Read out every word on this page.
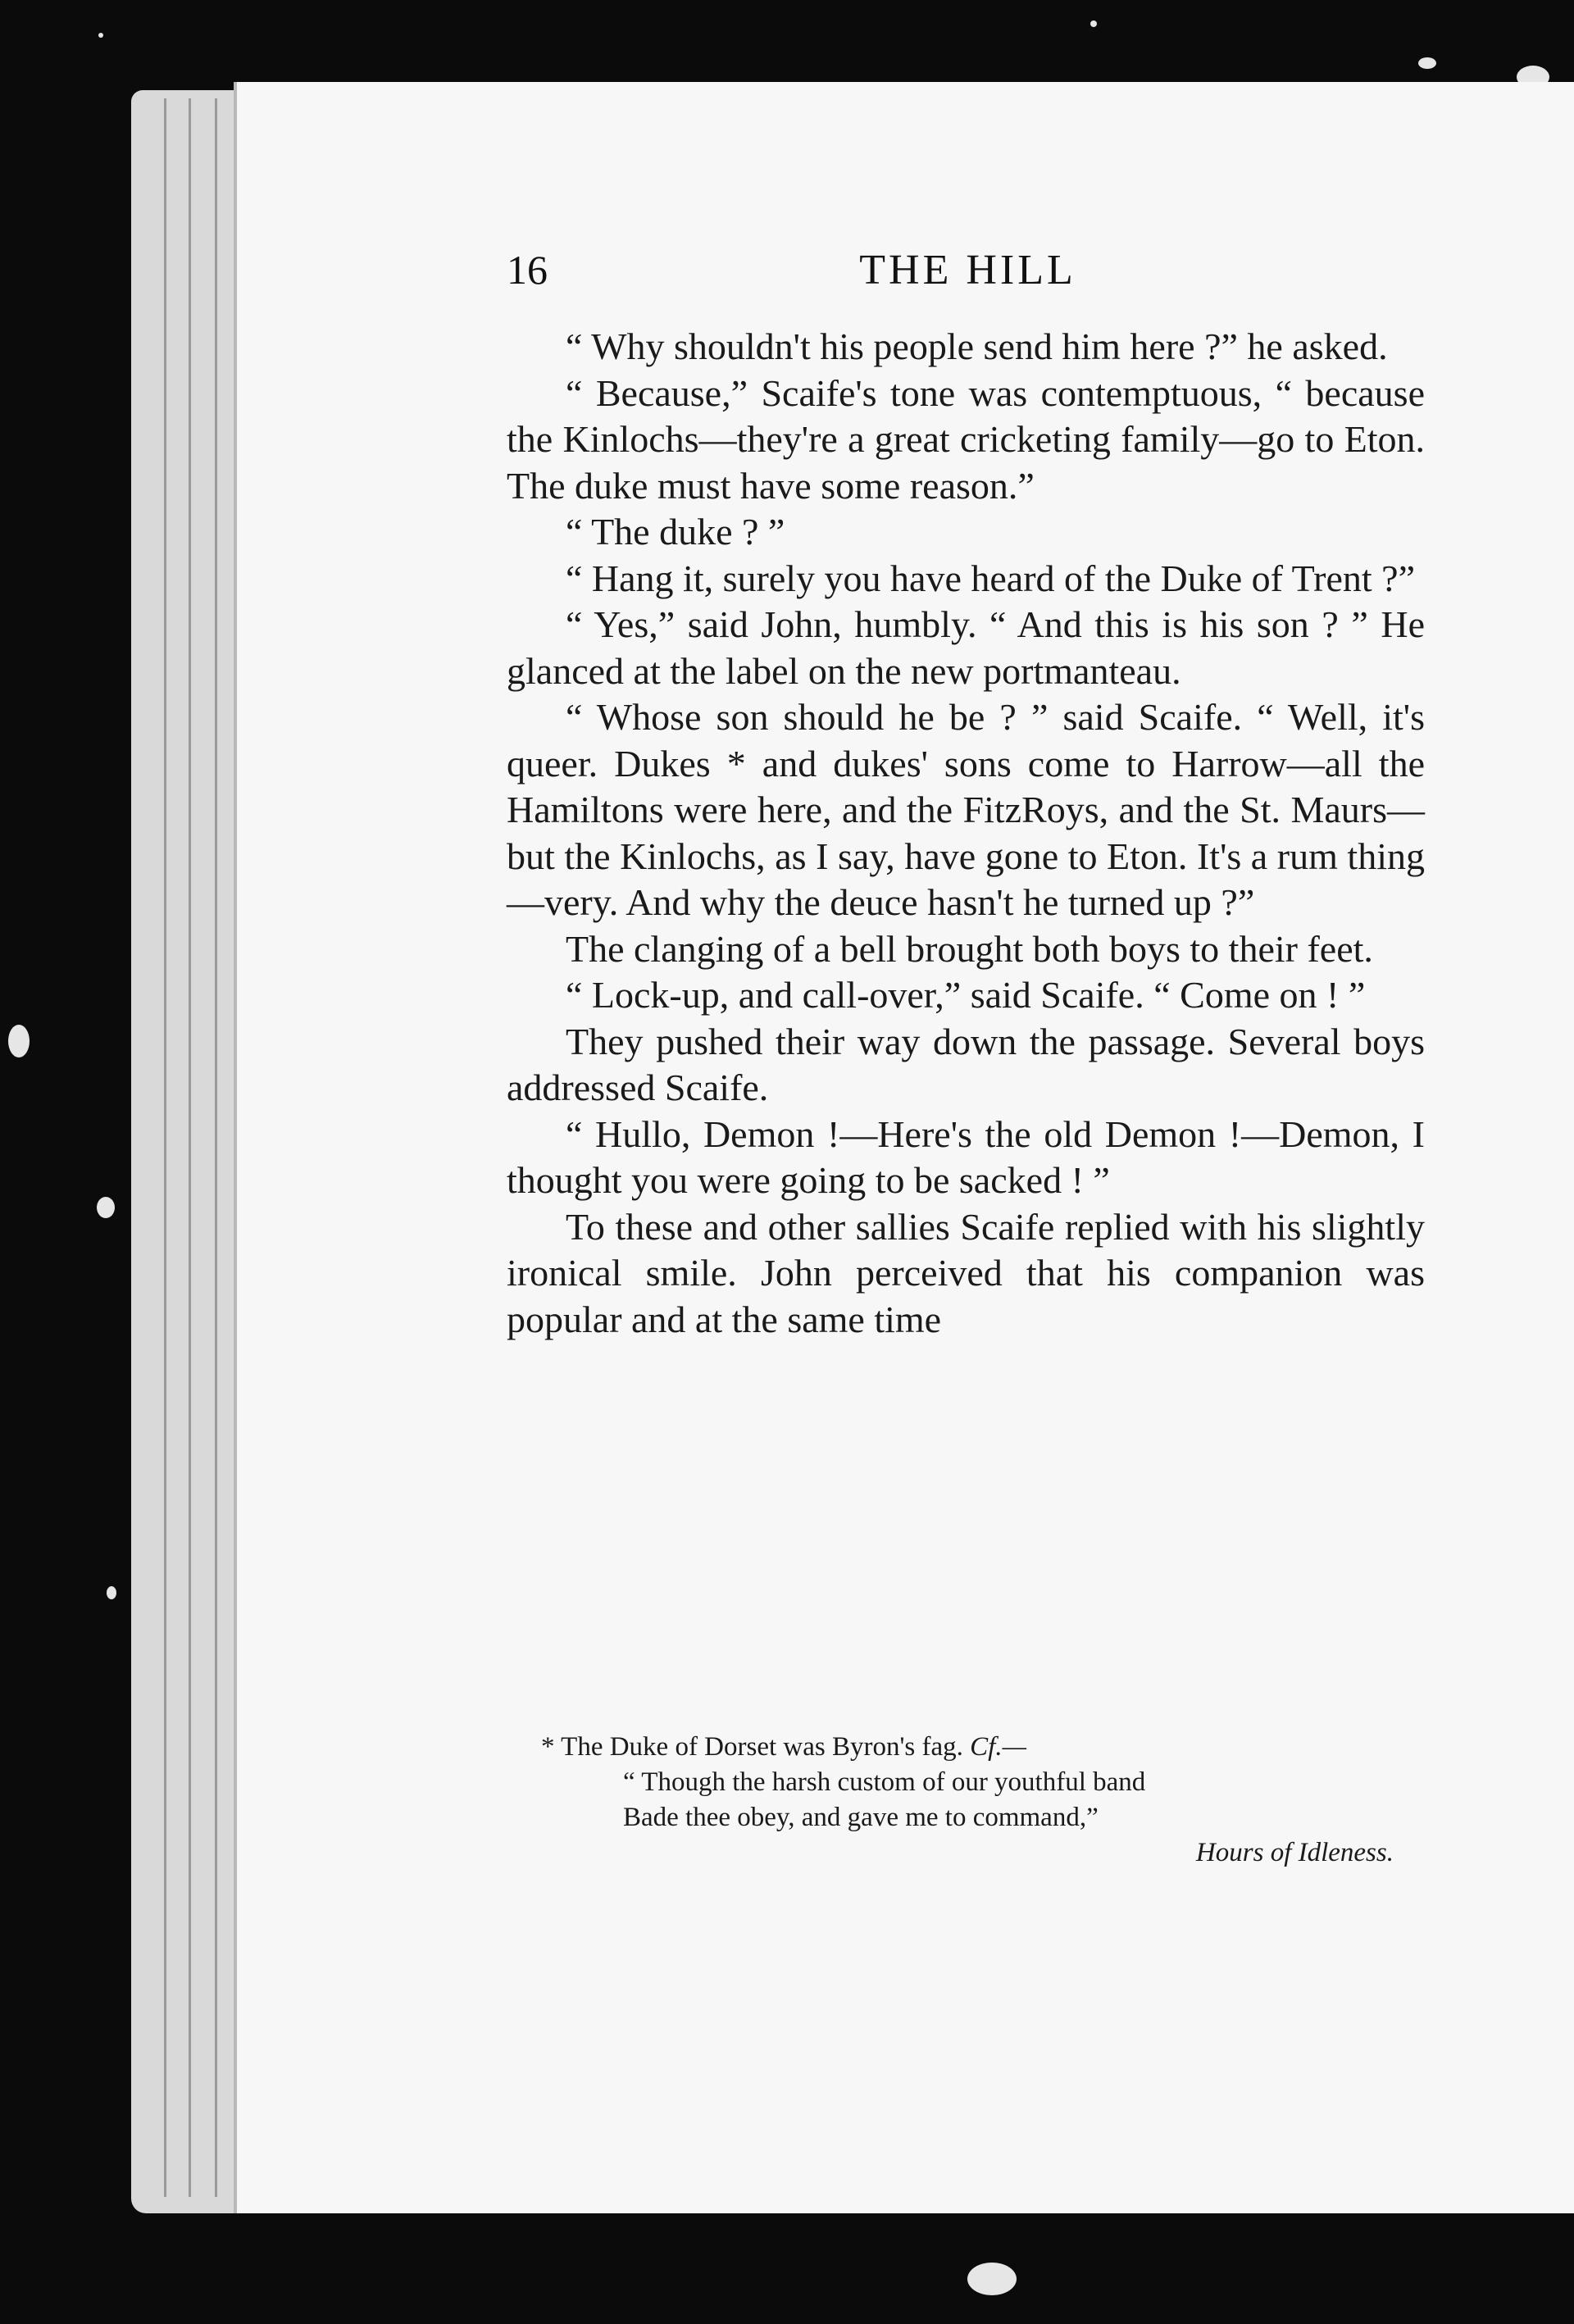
16	THE HILL

“ Why shouldn't his people send him here ?” he asked.

“ Because,” Scaife's tone was contemptuous, “ because the Kinlochs—they're a great cricketing family—go to Eton. The duke must have some reason.”

“ The duke ? ”

“ Hang it, surely you have heard of the Duke of Trent ?”

“ Yes,” said John, humbly. “ And this is his son ? ” He glanced at the label on the new portmanteau.

“ Whose son should he be ? ” said Scaife. “ Well, it's queer. Dukes * and dukes' sons come to Harrow—all the Hamiltons were here, and the FitzRoys, and the St. Maurs—but the Kinlochs, as I say, have gone to Eton. It's a rum thing—very. And why the deuce hasn't he turned up ?”

The clanging of a bell brought both boys to their feet.

“ Lock-up, and call-over,” said Scaife. “ Come on ! ”

They pushed their way down the passage. Several boys addressed Scaife.

“ Hullo, Demon !—Here's the old Demon !—Demon, I thought you were going to be sacked ! ”

To these and other sallies Scaife replied with his slightly ironical smile. John perceived that his companion was popular and at the same time

* The Duke of Dorset was Byron's fag. Cf.—

“ Though the harsh custom of our youthful band

Bade thee obey, and gave me to command,”

Hours of Idleness.
